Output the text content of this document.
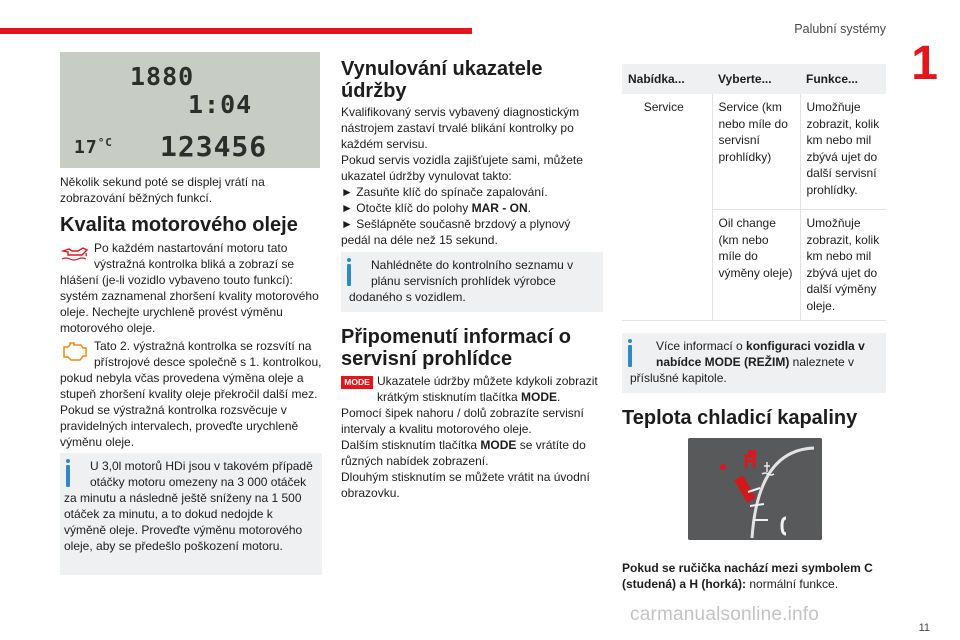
Palubní systémy
1
1880
1:04
$17^{^\circ C}$ 123456
Několik sekund poté se displej vrátí na zobrazování běžných funkcí.
Kvalita motorového oleje
Po každém nastartování motoru tato výstražná kontrolka bliká a zobrazí se hlášení (je-li vozidlo vybaveno touto funkcí): systém zaznamenal zhoršení kvality motorového oleje. Nechejte urychleně provést výměnu motorového oleje.
Tato 2. výstražná kontrolka se rozsvítí na přístrojové desce společně s 1. kontrolkou, pokud nebyla včas provedena výměna oleje a stupeň zhoršení kvality oleje překročil další mez. Pokud se výstražná kontrolka rozsvěcuje v pravidelných intervalech, proveďte urychleně výměnu oleje.
U 3,0l motorů HDi jsou v takovém případě otáčky motoru omezeny na 3 000 otáček za minutu a následně ještě sníženy na 1 500 otáček za minutu, a to dokud nedojde k výměně oleje. Proveďte výměnu motorového oleje, aby se předešlo poškození motoru.
Vynulování ukazatele údržby
Kvalifikovaný servis vybavený diagnostickým nástrojem zastaví trvalé blikání kontrolky po každém servisu.
Pokud servis vozidla zajišťujete sami, můžete ukazatel údržby vynulovat takto:
► Zasuňte klíč do spínače zapalování.
► Otočte klíč do polohy MAR - ON.
► Sešlápněte současně brzdový a plynový pedál na déle než 15 sekund.
Nahlédněte do kontrolního seznamu v plánu servisních prohlídek výrobce dodaného s vozidlem.
Připomenutí informací o servisní prohlídce
MODE Ukazatele údržby můžete kdykoli zobrazit krátkým stisknutím tlačítka MODE.
Pomocí šipek nahoru / dolů zobrazíte servisní intervaly a kvalitu motorového oleje.
Dalším stisknutím tlačítka MODE se vrátíte do různých nabídek zobrazení.
Dlouhým stisknutím se můžete vrátit na úvodní obrazovku.
Nabídka...	Vyberte...	Funkce...
Service	Service (km nebo míle do servisní prohlídky)	Umožňuje zobrazit, kolik km nebo mil zbývá ujet do další servisní prohlídky.
	Oil change (km nebo míle do výměny oleje)	Umožňuje zobrazit, kolik km nebo mil zbývá ujet do další výměny oleje.
Více informací o konfiguraci vozidla v nabídce MODE (REŽIM) naleznete v příslušné kapitole.
Teplota chladicí kapaliny
Pokud se ručička nachází mezi symbolem C (studená) a H (horká): normální funkce.
carmanualsonline.info
11
